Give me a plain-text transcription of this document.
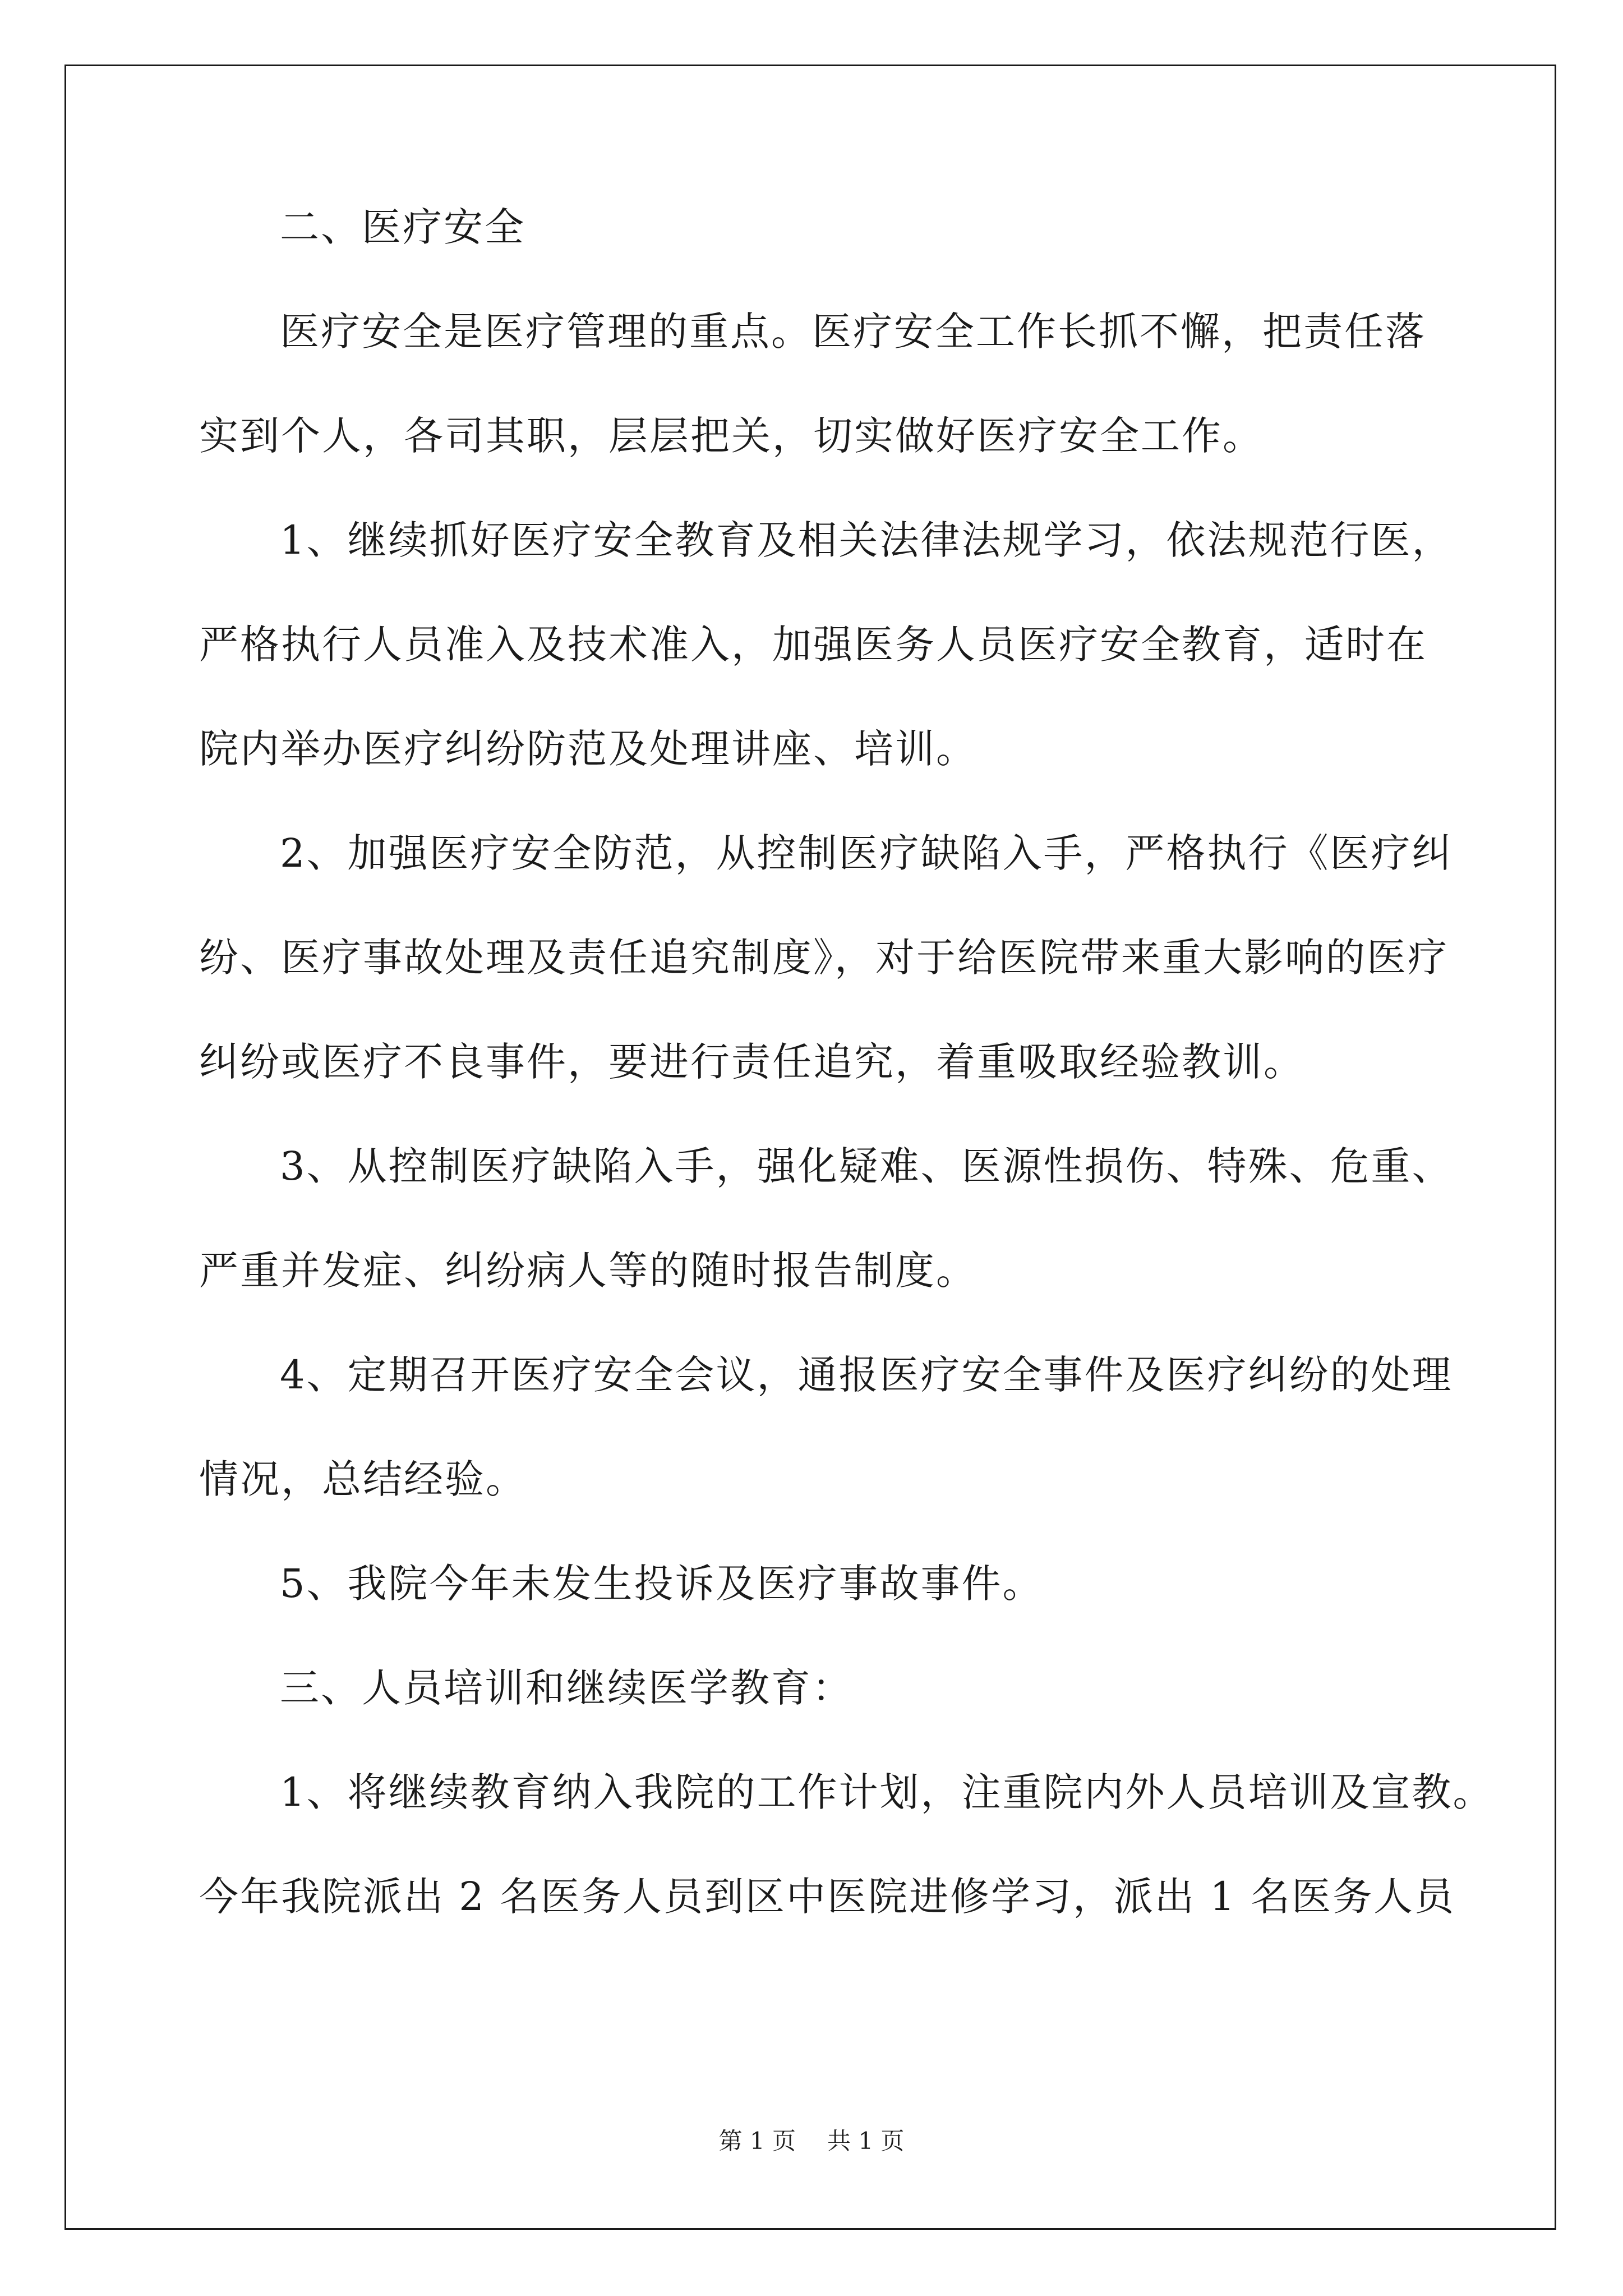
二、医疗安全
医疗安全是医疗管理的重点。医疗安全工作长抓不懈，把责任落
实到个人，各司其职，层层把关，切实做好医疗安全工作。
1、继续抓好医疗安全教育及相关法律法规学习，依法规范行医，
严格执行人员准入及技术准入，加强医务人员医疗安全教育，适时在
院内举办医疗纠纷防范及处理讲座、培训。
2、加强医疗安全防范，从控制医疗缺陷入手，严格执行《医疗纠
纷、医疗事故处理及责任追究制度》，对于给医院带来重大影响的医疗
纠纷或医疗不良事件，要进行责任追究，着重吸取经验教训。
3、从控制医疗缺陷入手，强化疑难、医源性损伤、特殊、危重、
严重并发症、纠纷病人等的随时报告制度。
4、定期召开医疗安全会议，通报医疗安全事件及医疗纠纷的处理
情况，总结经验。
5、我院今年未发生投诉及医疗事故事件。
三、人员培训和继续医学教育：
1、将继续教育纳入我院的工作计划，注重院内外人员培训及宣教。
今年我院派出 2 名医务人员到区中医院进修学习，派出 1 名医务人员
第 1 页 共 1 页
